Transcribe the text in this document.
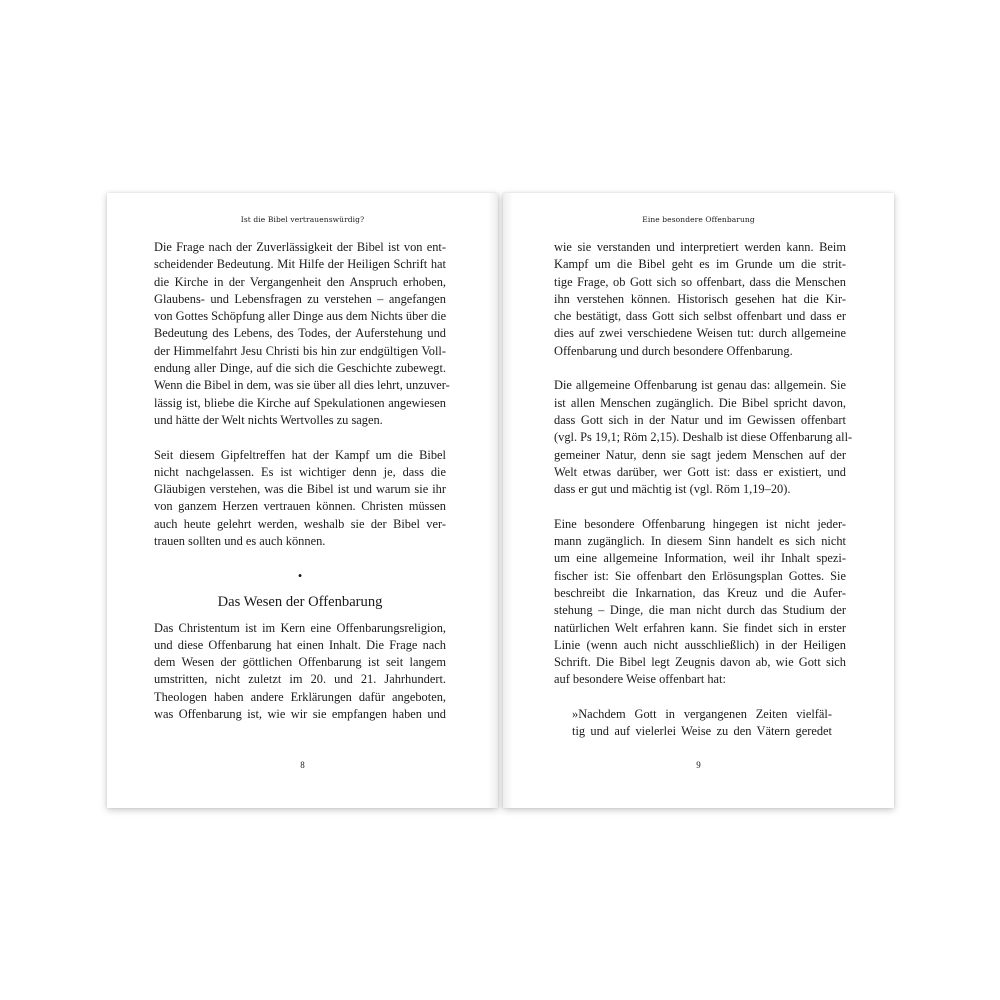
Ist die Bibel vertrauenswürdig?
Die Frage nach der Zuverlässigkeit der Bibel ist von ent-
scheidender Bedeutung. Mit Hilfe der Heiligen Schrift hat
die Kirche in der Vergangenheit den Anspruch erhoben,
Glaubens- und Lebensfragen zu verstehen – angefangen
von Gottes Schöpfung aller Dinge aus dem Nichts über die
Bedeutung des Lebens, des Todes, der Auferstehung und
der Himmelfahrt Jesu Christi bis hin zur endgültigen Voll-
endung aller Dinge, auf die sich die Geschichte zubewegt.
Wenn die Bibel in dem, was sie über all dies lehrt, unzuver-
lässig ist, bliebe die Kirche auf Spekulationen angewiesen
und hätte der Welt nichts Wertvolles zu sagen.
Seit diesem Gipfeltreffen hat der Kampf um die Bibel
nicht nachgelassen. Es ist wichtiger denn je, dass die
Gläubigen verstehen, was die Bibel ist und warum sie ihr
von ganzem Herzen vertrauen können. Christen müssen
auch heute gelehrt werden, weshalb sie der Bibel ver-
trauen sollten und es auch können.
•
Das Wesen der Offenbarung
Das Christentum ist im Kern eine Offenbarungsreligion,
und diese Offenbarung hat einen Inhalt. Die Frage nach
dem Wesen der göttlichen Offenbarung ist seit langem
umstritten, nicht zuletzt im 20. und 21. Jahrhundert.
Theologen haben andere Erklärungen dafür angeboten,
was Offenbarung ist, wie wir sie empfangen haben und
8
Eine besondere Offenbarung
wie sie verstanden und interpretiert werden kann. Beim
Kampf um die Bibel geht es im Grunde um die strit-
tige Frage, ob Gott sich so offenbart, dass die Menschen
ihn verstehen können. Historisch gesehen hat die Kir-
che bestätigt, dass Gott sich selbst offenbart und dass er
dies auf zwei verschiedene Weisen tut: durch allgemeine
Offenbarung und durch besondere Offenbarung.
Die allgemeine Offenbarung ist genau das: allgemein. Sie
ist allen Menschen zugänglich. Die Bibel spricht davon,
dass Gott sich in der Natur und im Gewissen offenbart
(vgl. Ps 19,1; Röm 2,15). Deshalb ist diese Offenbarung all-
gemeiner Natur, denn sie sagt jedem Menschen auf der
Welt etwas darüber, wer Gott ist: dass er existiert, und
dass er gut und mächtig ist (vgl. Röm 1,19–20).
Eine besondere Offenbarung hingegen ist nicht jeder-
mann zugänglich. In diesem Sinn handelt es sich nicht
um eine allgemeine Information, weil ihr Inhalt spezi-
fischer ist: Sie offenbart den Erlösungsplan Gottes. Sie
beschreibt die Inkarnation, das Kreuz und die Aufer-
stehung – Dinge, die man nicht durch das Studium der
natürlichen Welt erfahren kann. Sie findet sich in erster
Linie (wenn auch nicht ausschließlich) in der Heiligen
Schrift. Die Bibel legt Zeugnis davon ab, wie Gott sich
auf besondere Weise offenbart hat:
»Nachdem Gott in vergangenen Zeiten vielfäl-
tig und auf vielerlei Weise zu den Vätern geredet
9
